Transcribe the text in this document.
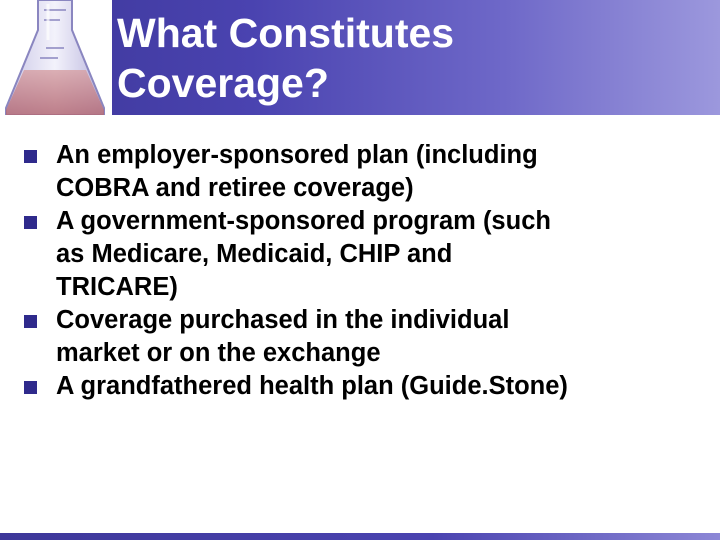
What Constitutes
Coverage?
An employer-sponsored plan (including
COBRA and retiree coverage)
A government-sponsored program (such
as Medicare, Medicaid, CHIP and
TRICARE)
Coverage purchased in the individual
market or on the exchange
A grandfathered health plan (Guide.Stone)
